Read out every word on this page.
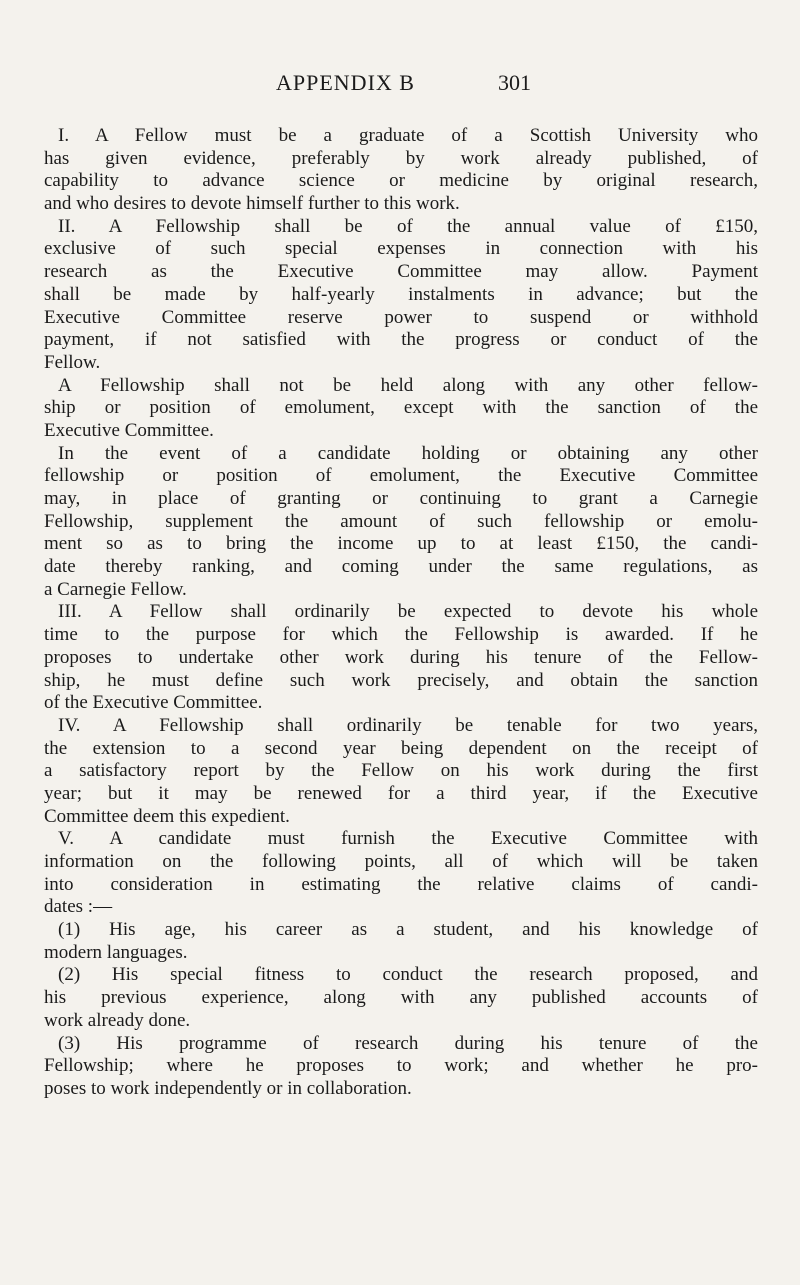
APPENDIX B	301
I. A Fellow must be a graduate of a Scottish University who
has given evidence, preferably by work already published, of
capability to advance science or medicine by original research,
and who desires to devote himself further to this work.
II. A Fellowship shall be of the annual value of £150,
exclusive of such special expenses in connection with his
research as the Executive Committee may allow. Payment
shall be made by half-yearly instalments in advance; but the
Executive Committee reserve power to suspend or withhold
payment, if not satisfied with the progress or conduct of the
Fellow.
A Fellowship shall not be held along with any other fellow-
ship or position of emolument, except with the sanction of the
Executive Committee.
In the event of a candidate holding or obtaining any other
fellowship or position of emolument, the Executive Committee
may, in place of granting or continuing to grant a Carnegie
Fellowship, supplement the amount of such fellowship or emolu-
ment so as to bring the income up to at least £150, the candi-
date thereby ranking, and coming under the same regulations, as
a Carnegie Fellow.
III. A Fellow shall ordinarily be expected to devote his whole
time to the purpose for which the Fellowship is awarded. If he
proposes to undertake other work during his tenure of the Fellow-
ship, he must define such work precisely, and obtain the sanction
of the Executive Committee.
IV. A Fellowship shall ordinarily be tenable for two years,
the extension to a second year being dependent on the receipt of
a satisfactory report by the Fellow on his work during the first
year; but it may be renewed for a third year, if the Executive
Committee deem this expedient.
V. A candidate must furnish the Executive Committee with
information on the following points, all of which will be taken
into consideration in estimating the relative claims of candi-
dates :—
(1) His age, his career as a student, and his knowledge of
modern languages.
(2) His special fitness to conduct the research proposed, and
his previous experience, along with any published accounts of
work already done.
(3) His programme of research during his tenure of the
Fellowship; where he proposes to work; and whether he pro-
poses to work independently or in collaboration.
